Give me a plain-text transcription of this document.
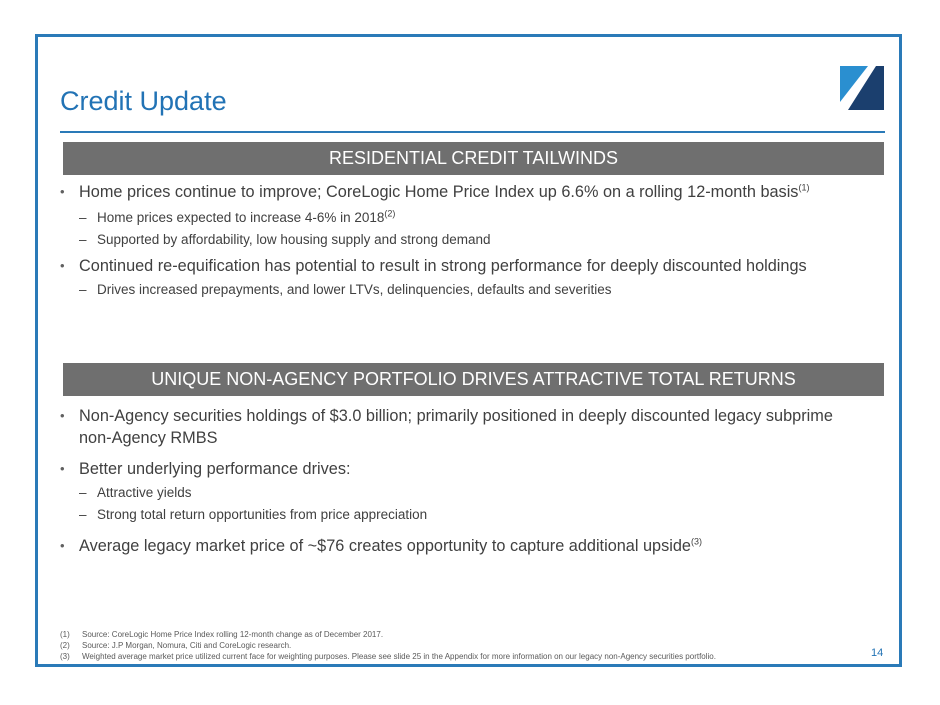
Credit Update
RESIDENTIAL CREDIT TAILWINDS
• Home prices continue to improve; CoreLogic Home Price Index up 6.6% on a rolling 12-month basis$^{(1)}$
– Home prices expected to increase 4-6% in 2018$^{(2)}$
– Supported by affordability, low housing supply and strong demand
• Continued re-equification has potential to result in strong performance for deeply discounted holdings
– Drives increased prepayments, and lower LTVs, delinquencies, defaults and severities
UNIQUE NON-AGENCY PORTFOLIO DRIVES ATTRACTIVE TOTAL RETURNS
• Non-Agency securities holdings of $3.0 billion; primarily positioned in deeply discounted legacy subprime non-Agency RMBS
• Better underlying performance drives:
– Attractive yields
– Strong total return opportunities from price appreciation
• Average legacy market price of ~$76 creates opportunity to capture additional upside$^{(3)}$
(1)	Source: CoreLogic Home Price Index rolling 12-month change as of December 2017.
(2)	Source: J.P Morgan, Nomura, Citi and CoreLogic research.
(3)	Weighted average market price utilized current face for weighting purposes. Please see slide 25 in the Appendix for more information on our legacy non-Agency securities portfolio.	14
